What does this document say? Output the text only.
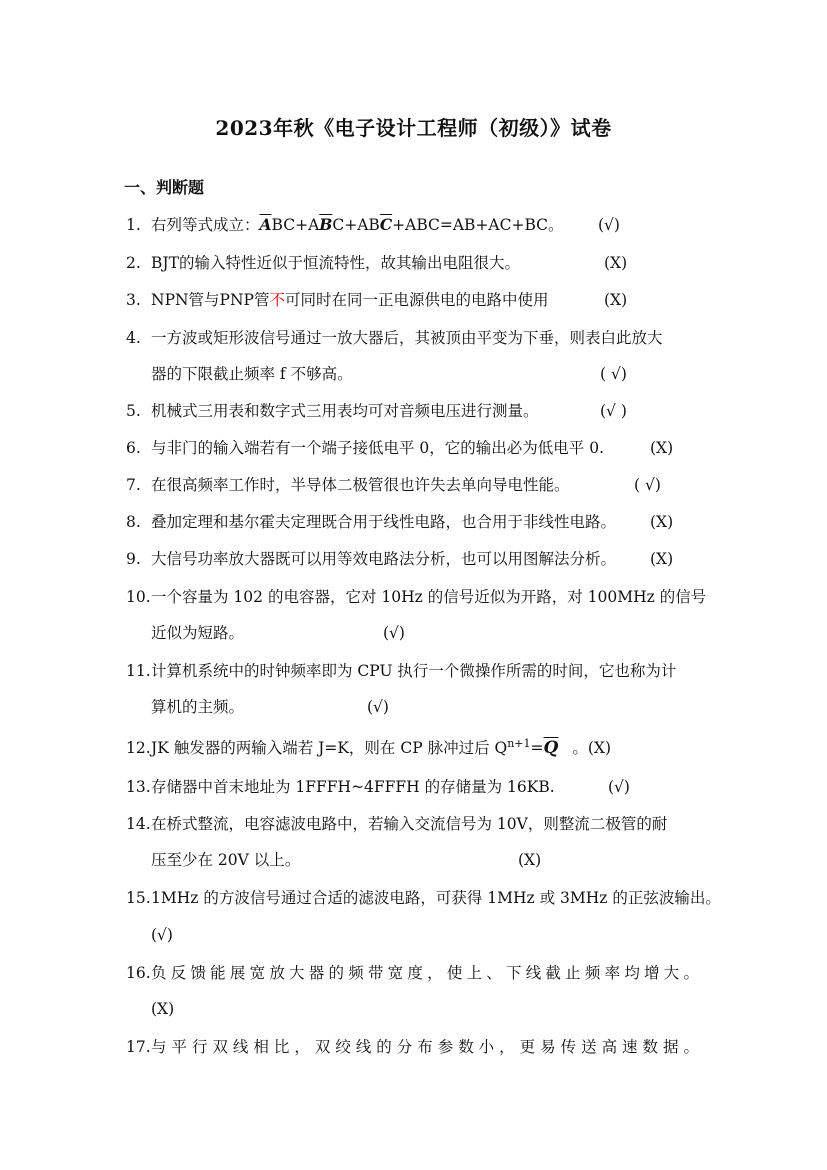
2023年秋《电子设计工程师（初级）》试卷
一、判断题
1. 右列等式成立：$\overline{A}BC+A\overline{B}C+AB\overline{C}+ABC=AB+AC+BC$。 (√)
2. BJT的输入特性近似于恒流特性，故其输出电阻很大。	(X)
3. NPN管与PNP管不可同时在同一正电源供电的电路中使用	(X)
4. 一方波或矩形波信号通过一放大器后，其被顶由平变为下垂，则表白此放大
器的下限截止频率 f 不够高。	( √)
5. 机械式三用表和数字式三用表均可对音频电压进行测量。	(√ )
6. 与非门的输入端若有一个端子接低电平 0，它的输出必为低电平 0.	(X)
7. 在很高频率工作时，半导体二极管很也许失去单向导电性能。	( √)
8. 叠加定理和基尔霍夫定理既合用于线性电路，也合用于非线性电路。 (X)
9. 大信号功率放大器既可以用等效电路法分析，也可以用图解法分析。 (X)
10. 一个容量为 102 的电容器，它对 10Hz 的信号近似为开路，对 100MHz 的信号
近似为短路。	(√)
11. 计算机系统中的时钟频率即为 CPU 执行一个微操作所需的时间，它也称为计
算机的主频。	(√)
12. JK 触发器的两输入端若 J=K，则在 CP 脉冲过后 $Q^{n+1}=\overline{Q}$ 。(X)
13. 存储器中首末地址为 1FFFH~4FFFH 的存储量为 16KB.	(√)
14. 在桥式整流，电容滤波电路中，若输入交流信号为 10V，则整流二极管的耐
压至少在 20V 以上。	(X)
15. 1MHz 的方波信号通过合适的滤波电路，可获得 1MHz 或 3MHz 的正弦波输出。
(√)
16. 负反馈能展宽放大器的频带宽度，使上、下线截止频率均增大。
(X)
17. 与平行双线相比，双绞线的分布参数小，更易传送高速数据。
